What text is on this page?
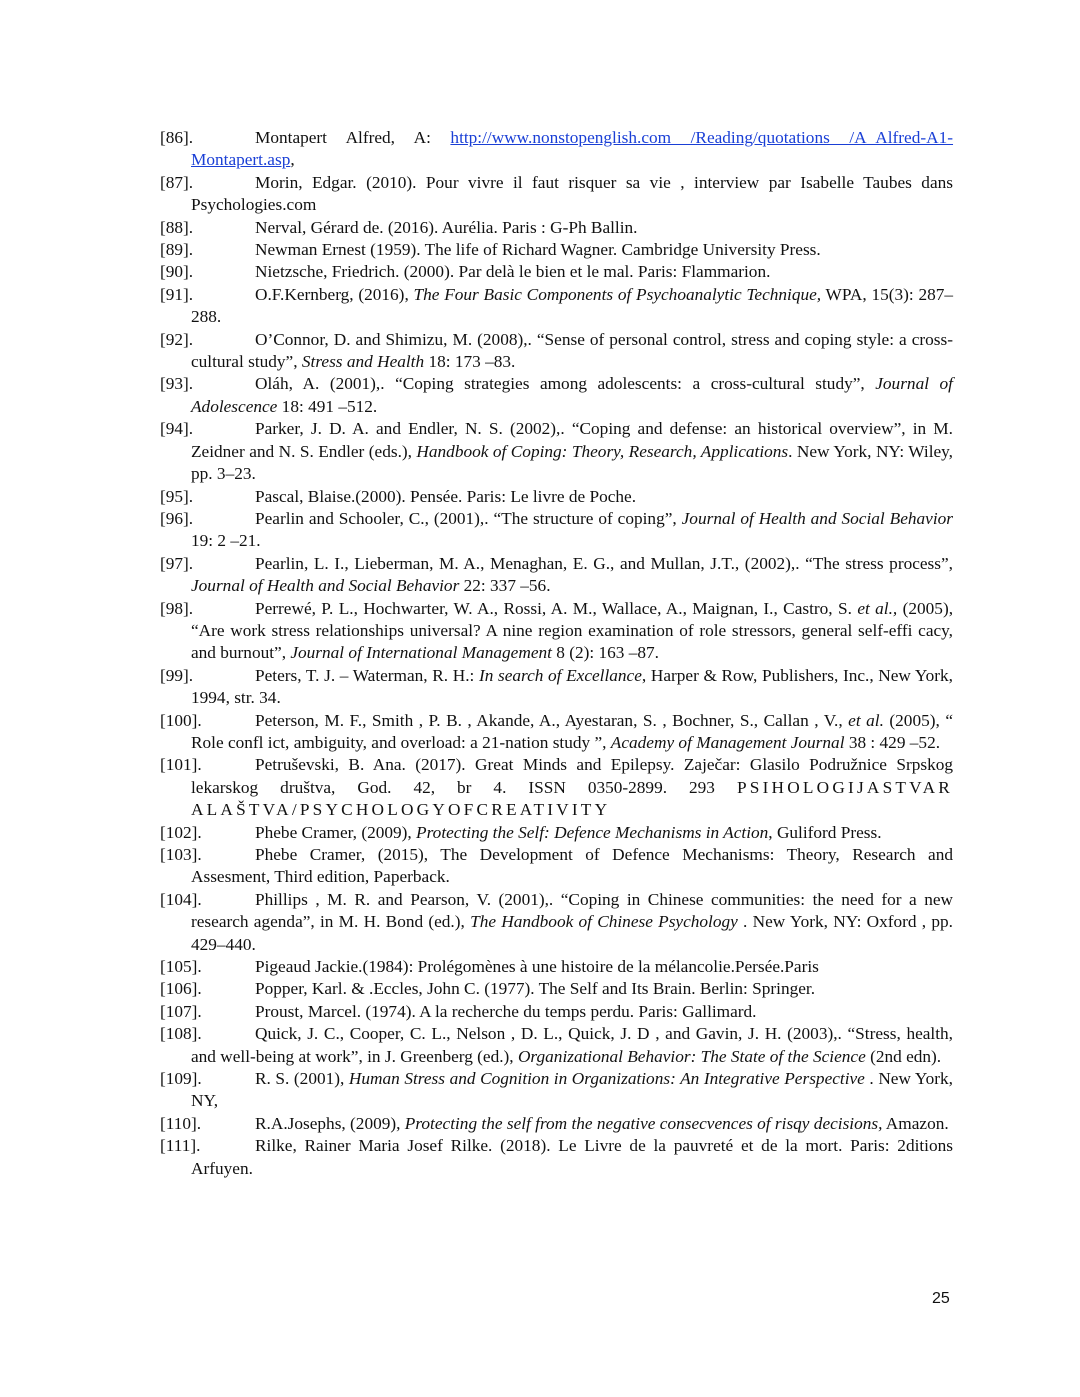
[86].	Montapert Alfred, A: http://www.nonstopenglish.com /Reading/quotations /A_Alfred-A1-Montapert.asp,
[87].	Morin, Edgar. (2010). Pour vivre il faut risquer sa vie , interview par Isabelle Taubes dans Psychologies.com
[88].	Nerval, Gérard de. (2016). Aurélia. Paris : G-Ph Ballin.
[89].	Newman Ernest (1959). The life of Richard Wagner. Cambridge University Press.
[90].	Nietzsche, Friedrich. (2000). Par delà le bien et le mal. Paris: Flammarion.
[91].	O.F.Kernberg, (2016), The Four Basic Components of Psychoanalytic Technique, WPA, 15(3): 287–288.
[92].	O’Connor, D. and Shimizu, M. (2008),. “Sense of personal control, stress and coping style: a cross-cultural study”, Stress and Health 18: 173 –83.
[93].	Oláh, A. (2001),. “Coping strategies among adolescents: a cross-cultural study”, Journal of Adolescence 18: 491 –512.
[94].	Parker, J. D. A. and Endler, N. S. (2002),. “Coping and defense: an historical overview”, in M. Zeidner and N. S. Endler (eds.), Handbook of Coping: Theory, Research, Applications. New York, NY: Wiley, pp. 3–23.
[95].	Pascal, Blaise.(2000). Pensée. Paris: Le livre de Poche.
[96].	Pearlin and Schooler, C., (2001),. “The structure of coping”, Journal of Health and Social Behavior 19: 2 –21.
[97].	Pearlin, L. I., Lieberman, M. A., Menaghan, E. G., and Mullan, J.T., (2002),. “The stress process”, Journal of Health and Social Behavior 22: 337 –56.
[98].	Perrewé, P. L., Hochwarter, W. A., Rossi, A. M., Wallace, A., Maignan, I., Castro, S. et al., (2005), “Are work stress relationships universal? A nine region examination of role stressors, general self-effi cacy, and burnout”, Journal of International Management 8 (2): 163 –87.
[99].	Peters, T. J. – Waterman, R. H.: In search of Excellance, Harper & Row, Publishers, Inc., New York, 1994, str. 34.
[100].	Peterson, M. F., Smith , P. B. , Akande, A., Ayestaran, S. , Bochner, S., Callan , V., et al. (2005), “ Role confl ict, ambiguity, and overload: a 21-nation study ”, Academy of Management Journal 38 : 429 –52.
[101].	Petruševski, B. Ana. (2017). Great Minds and Epilepsy. Zaječar: Glasilo Podružnice Srpskog lekarskog društva, God. 42, br 4. ISSN 0350-2899. 293 PSIHOLOGIJASTVAR ALAŠTVA/PSYCHOLOGYOFCREATIVITY
[102].	Phebe Cramer, (2009), Protecting the Self: Defence Mechanisms in Action, Guliford Press.
[103].	Phebe Cramer, (2015), The Development of Defence Mechanisms: Theory, Research and Assesment, Third edition, Paperback.
[104].	Phillips , M. R. and Pearson, V. (2001),. “Coping in Chinese communities: the need for a new research agenda”, in M. H. Bond (ed.), The Handbook of Chinese Psychology . New York, NY: Oxford , pp. 429–440.
[105].	Pigeaud Jackie.(1984): Prolégomènes à une histoire de la mélancolie.Persée.Paris
[106].	Popper, Karl. & .Eccles, John C. (1977). The Self and Its Brain. Berlin: Springer.
[107].	Proust, Marcel. (1974). A la recherche du temps perdu. Paris: Gallimard.
[108].	Quick, J. C., Cooper, C. L., Nelson , D. L., Quick, J. D , and Gavin, J. H. (2003),. “Stress, health, and well-being at work”, in J. Greenberg (ed.), Organizational Behavior: The State of the Science (2nd edn).
[109].	R. S. (2001), Human Stress and Cognition in Organizations: An Integrative Perspective . New York, NY,
[110].	R.A.Josephs, (2009), Protecting the self from the negative consecvences of risqy decisions, Amazon.
[111].	Rilke, Rainer Maria Josef Rilke. (2018). Le Livre de la pauvreté et de la mort. Paris: 2ditions Arfuyen.
25
